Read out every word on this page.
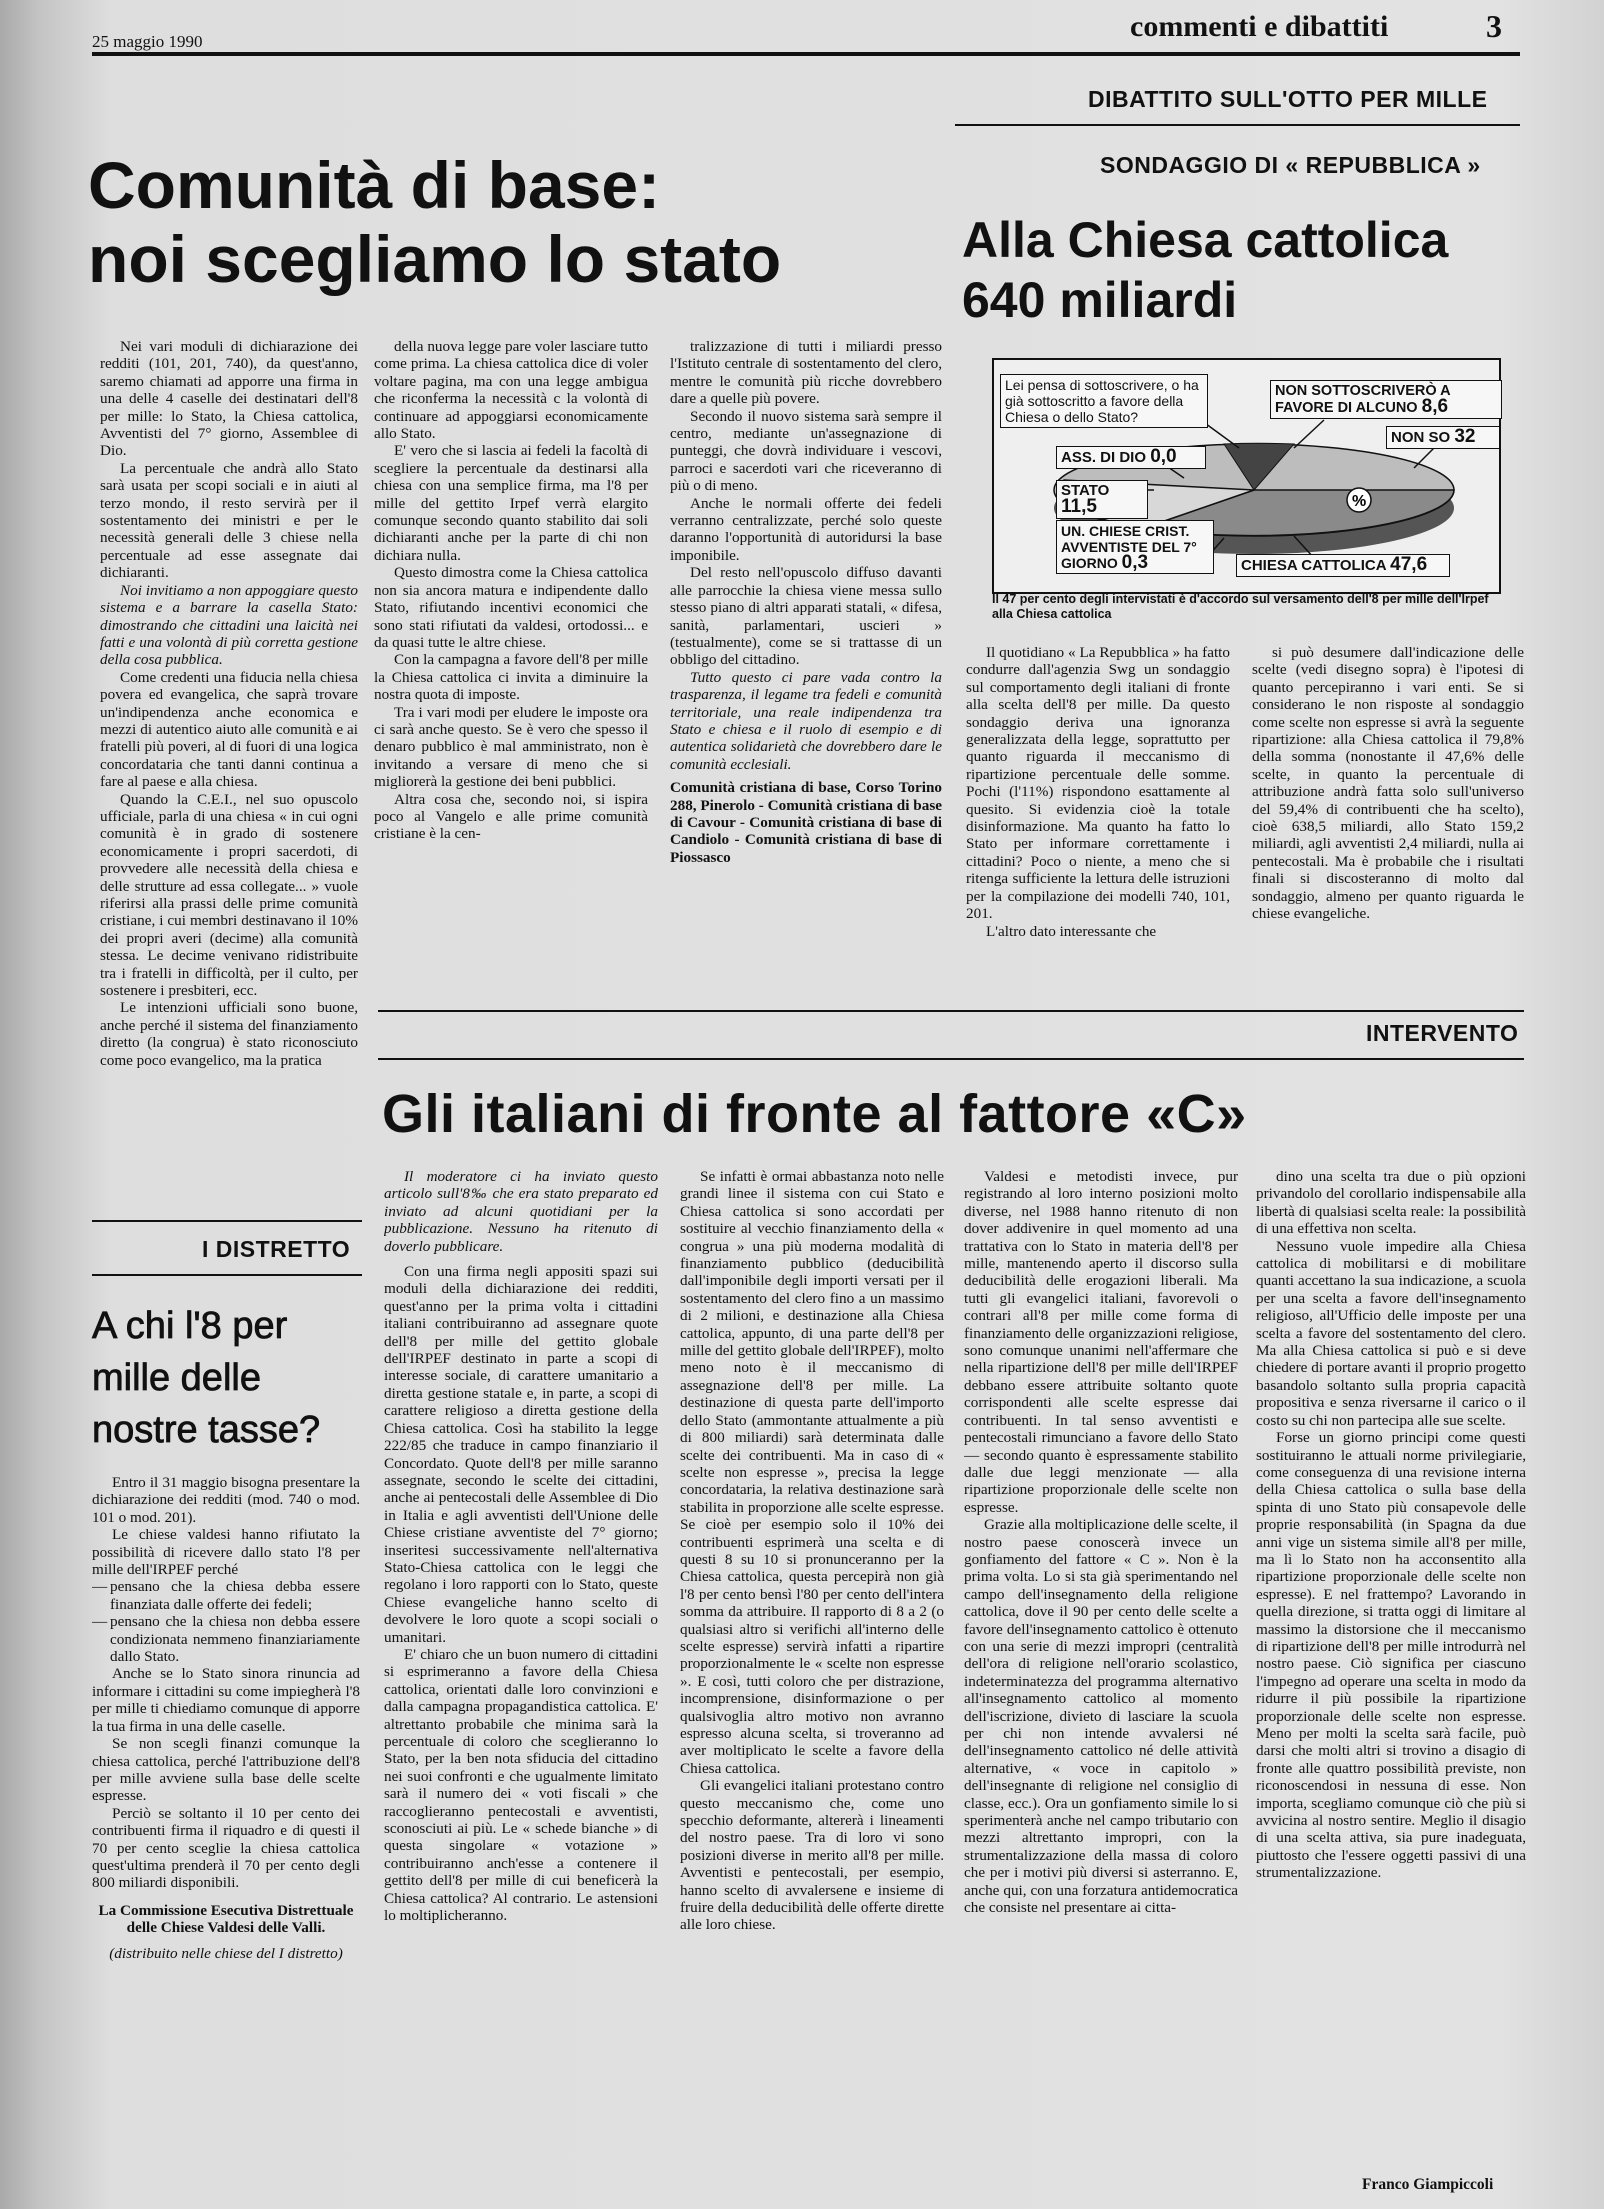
25 maggio 1990	commenti e dibattiti	3
DIBATTITO SULL'OTTO PER MILLE
Comunità di base:
noi scegliamo lo stato

Nei vari moduli di dichiarazione dei redditi (101, 201, 740), da quest'anno, saremo chiamati ad apporre una firma in una delle 4 caselle dei destinatari dell'8 per mille: lo Stato, la Chiesa cattolica, Avventisti del 7° giorno, Assemblee di Dio.

La percentuale che andrà allo Stato sarà usata per scopi sociali e in aiuti al terzo mondo, il resto servirà per il sostentamento dei ministri e per le necessità generali delle 3 chiese nella percentuale ad esse assegnate dai dichiaranti.

Noi invitiamo a non appoggiare questo sistema e a barrare la casella Stato: dimostrando che cittadini una laicità nei fatti e una volontà di più corretta gestione della cosa pubblica.

Come credenti una fiducia nella chiesa povera ed evangelica, che saprà trovare un'indipendenza anche economica e mezzi di autentico aiuto alle comunità e ai fratelli più poveri, al di fuori di una logica concordataria che tanti danni continua a fare al paese e alla chiesa.

Quando la C.E.I., nel suo opuscolo ufficiale, parla di una chiesa « in cui ogni comunità è in grado di sostenere economicamente i propri sacerdoti, di provvedere alle necessità della chiesa e delle strutture ad essa collegate... » vuole riferirsi alla prassi delle prime comunità cristiane, i cui membri destinavano il 10% dei propri averi (decime) alla comunità stessa. Le decime venivano ridistribuite tra i fratelli in difficoltà, per il culto, per sostenere i presbiteri, ecc.

Le intenzioni ufficiali sono buone, anche perché il sistema del finanziamento diretto (la congrua) è stato riconosciuto come poco evangelico, ma la pratica

della nuova legge pare voler lasciare tutto come prima. La chiesa cattolica dice di voler voltare pagina, ma con una legge ambigua che riconferma la necessità c la volontà di continuare ad appoggiarsi economicamente allo Stato.

E' vero che si lascia ai fedeli la facoltà di scegliere la percentuale da destinarsi alla chiesa con una semplice firma, ma l'8 per mille del gettito Irpef verrà elargito comunque secondo quanto stabilito dai soli dichiaranti anche per la parte di chi non dichiara nulla.

Questo dimostra come la Chiesa cattolica non sia ancora matura e indipendente dallo Stato, rifiutando incentivi economici che sono stati rifiutati da valdesi, ortodossi... e da quasi tutte le altre chiese.

Con la campagna a favore dell'8 per mille la Chiesa cattolica ci invita a diminuire la nostra quota di imposte.

Tra i vari modi per eludere le imposte ora ci sarà anche questo. Se è vero che spesso il denaro pubblico è mal amministrato, non è invitando a versare di meno che si migliorerà la gestione dei beni pubblici.

Altra cosa che, secondo noi, si ispira poco al Vangelo e alle prime comunità cristiane è la cen-

tralizzazione di tutti i miliardi presso l'Istituto centrale di sostentamento del clero, mentre le comunità più ricche dovrebbero dare a quelle più povere.

Secondo il nuovo sistema sarà sempre il centro, mediante un'assegnazione di punteggi, che dovrà individuare i vescovi, parroci e sacerdoti vari che riceveranno di più o di meno.

Anche le normali offerte dei fedeli verranno centralizzate, perché solo queste daranno l'opportunità di autoridursi la base imponibile.

Del resto nell'opuscolo diffuso davanti alle parrocchie la chiesa viene messa sullo stesso piano di altri apparati statali, « difesa, sanità, parlamentari, uscieri » (testualmente), come se si trattasse di un obbligo del cittadino.

Tutto questo ci pare vada contro la trasparenza, il legame tra fedeli e comunità territoriale, una reale indipendenza tra Stato e chiesa e il ruolo di esempio e di autentica solidarietà che dovrebbero dare le comunità ecclesiali.

Comunità cristiana di base, Corso Torino 288, Pinerolo - Comunità cristiana di base di Cavour - Comunità cristiana di base di Candiolo - Comunità cristiana di base di Piossasco

SONDAGGIO DI « REPUBBLICA »
Alla Chiesa cattolica
640 miliardi
%
Lei pensa di sottoscrivere, o ha già sottoscritto a favore della Chiesa o dello Stato?
NON SOTTOSCRIVERÒ A FAVORE DI ALCUNO 8,6
NON SO 32
ASS. DI DIO 0,0
STATO 11,5
UN. CHIESE CRIST. AVVENTISTE DEL 7° GIORNO 0,3	CHIESA CATTOLICA 47,6
Il 47 per cento degli intervistati è d'accordo sul versamento dell'8 per mille dell'Irpef alla Chiesa cattolica

Il quotidiano « La Repubblica » ha fatto condurre dall'agenzia Swg un sondaggio sul comportamento degli italiani di fronte alla scelta dell'8 per mille. Da questo sondaggio deriva una ignoranza generalizzata della legge, soprattutto per quanto riguarda il meccanismo di ripartizione percentuale delle somme. Pochi (l'11%) rispondono esattamente al quesito. Si evidenzia cioè la totale disinformazione. Ma quanto ha fatto lo Stato per informare correttamente i cittadini? Poco o niente, a meno che si ritenga sufficiente la lettura delle istruzioni per la compilazione dei modelli 740, 101, 201.

L'altro dato interessante che

si può desumere dall'indicazione delle scelte (vedi disegno sopra) è l'ipotesi di quanto percepiranno i vari enti. Se si considerano le non risposte al sondaggio come scelte non espresse si avrà la seguente ripartizione: alla Chiesa cattolica il 79,8% della somma (nonostante il 47,6% delle scelte, in quanto la percentuale di attribuzione andrà fatta solo sull'universo del 59,4% di contribuenti che ha scelto), cioè 638,5 miliardi, allo Stato 159,2 miliardi, agli avventisti 2,4 miliardi, nulla ai pentecostali. Ma è probabile che i risultati finali si discosteranno di molto dal sondaggio, almeno per quanto riguarda le chiese evangeliche.

I DISTRETTO
A chi l'8 per
mille delle
nostre tasse?

Entro il 31 maggio bisogna presentare la dichiarazione dei redditi (mod. 740 o mod. 101 o mod. 201).

Le chiese valdesi hanno rifiutato la possibilità di ricevere dallo stato l'8 per mille dell'IRPEF perché

— pensano che la chiesa debba essere finanziata dalle offerte dei fedeli;
— pensano che la chiesa non debba essere condizionata nemmeno finanziariamente dallo Stato.

Anche se lo Stato sinora rinuncia ad informare i cittadini su come impiegherà l'8 per mille ti chiediamo comunque di apporre la tua firma in una delle caselle.

Se non scegli finanzi comunque la chiesa cattolica, perché l'attribuzione dell'8 per mille avviene sulla base delle scelte espresse.

Perciò se soltanto il 10 per cento dei contribuenti firma il riquadro e di questi il 70 per cento sceglie la chiesa cattolica quest'ultima prenderà il 70 per cento degli 800 miliardi disponibili.

La Commissione Esecutiva Distrettuale delle Chiese Valdesi delle Valli.

(distribuito nelle chiese del I distretto)

INTERVENTO
Gli italiani di fronte al fattore «C»

Il moderatore ci ha inviato questo articolo sull'8‰ che era stato preparato ed inviato ad alcuni quotidiani per la pubblicazione. Nessuno ha ritenuto di doverlo pubblicare.

Con una firma negli appositi spazi sui moduli della dichiarazione dei redditi, quest'anno per la prima volta i cittadini italiani contribuiranno ad assegnare quote dell'8 per mille del gettito globale dell'IRPEF destinato in parte a scopi di interesse sociale, di carattere umanitario a diretta gestione statale e, in parte, a scopi di carattere religioso a diretta gestione della Chiesa cattolica. Così ha stabilito la legge 222/85 che traduce in campo finanziario il Concordato. Quote dell'8 per mille saranno assegnate, secondo le scelte dei cittadini, anche ai pentecostali delle Assemblee di Dio in Italia e agli avventisti dell'Unione delle Chiese cristiane avventiste del 7° giorno; inseritesi successivamente nell'alternativa Stato-Chiesa cattolica con le leggi che regolano i loro rapporti con lo Stato, queste Chiese evangeliche hanno scelto di devolvere le loro quote a scopi sociali o umanitari.

E' chiaro che un buon numero di cittadini si esprimeranno a favore della Chiesa cattolica, orientati dalle loro convinzioni e dalla campagna propagandistica cattolica. E' altrettanto probabile che minima sarà la percentuale di coloro che sceglieranno lo Stato, per la ben nota sfiducia del cittadino nei suoi confronti e che ugualmente limitato sarà il numero dei « voti fiscali » che raccoglieranno pentecostali e avventisti, sconosciuti ai più. Le « schede bianche » di questa singolare « votazione » contribuiranno anch'esse a contenere il gettito dell'8 per mille di cui beneficerà la Chiesa cattolica? Al contrario. Le astensioni lo moltiplicheranno.

Se infatti è ormai abbastanza noto nelle grandi linee il sistema con cui Stato e Chiesa cattolica si sono accordati per sostituire al vecchio finanziamento della « congrua » una più moderna modalità di finanziamento pubblico (deducibilità dall'imponibile degli importi versati per il sostentamento del clero fino a un massimo di 2 milioni, e destinazione alla Chiesa cattolica, appunto, di una parte dell'8 per mille del gettito globale dell'IRPEF), molto meno noto è il meccanismo di assegnazione dell'8 per mille. La destinazione di questa parte dell'importo dello Stato (ammontante attualmente a più di 800 miliardi) sarà determinata dalle scelte dei contribuenti. Ma in caso di « scelte non espresse », precisa la legge concordataria, la relativa destinazione sarà stabilita in proporzione alle scelte espresse. Se cioè per esempio solo il 10% dei contribuenti esprimerà una scelta e di questi 8 su 10 si pronunceranno per la Chiesa cattolica, questa percepirà non già l'8 per cento bensì l'80 per cento dell'intera somma da attribuire. Il rapporto di 8 a 2 (o qualsiasi altro si verifichi all'interno delle scelte espresse) servirà infatti a ripartire proporzionalmente le « scelte non espresse ». E così, tutti coloro che per distrazione, incomprensione, disinformazione o per qualsivoglia altro motivo non avranno espresso alcuna scelta, si troveranno ad aver moltiplicato le scelte a favore della Chiesa cattolica.

Gli evangelici italiani protestano contro questo meccanismo che, come uno specchio deformante, altererà i lineamenti del nostro paese. Tra di loro vi sono posizioni diverse in merito all'8 per mille. Avventisti e pentecostali, per esempio, hanno scelto di avvalersene e insieme di fruire della deducibilità delle offerte dirette alle loro chiese.

Valdesi e metodisti invece, pur registrando al loro interno posizioni molto diverse, nel 1988 hanno ritenuto di non dover addivenire in quel momento ad una trattativa con lo Stato in materia dell'8 per mille, mantenendo aperto il discorso sulla deducibilità delle erogazioni liberali. Ma tutti gli evangelici italiani, favorevoli o contrari all'8 per mille come forma di finanziamento delle organizzazioni religiose, sono comunque unanimi nell'affermare che nella ripartizione dell'8 per mille dell'IRPEF debbano essere attribuite soltanto quote corrispondenti alle scelte espresse dai contribuenti. In tal senso avventisti e pentecostali rimunciano a favore dello Stato — secondo quanto è espressamente stabilito dalle due leggi menzionate — alla ripartizione proporzionale delle scelte non espresse.

Grazie alla moltiplicazione delle scelte, il nostro paese conoscerà invece un gonfiamento del fattore « C ». Non è la prima volta. Lo si sta già sperimentando nel campo dell'insegnamento della religione cattolica, dove il 90 per cento delle scelte a favore dell'insegnamento cattolico è ottenuto con una serie di mezzi impropri (centralità dell'ora di religione nell'orario scolastico, indeterminatezza del programma alternativo all'insegnamento cattolico al momento dell'iscrizione, divieto di lasciare la scuola per chi non intende avvalersi né dell'insegnamento cattolico né delle attività alternative, « voce in capitolo » dell'insegnante di religione nel consiglio di classe, ecc.). Ora un gonfiamento simile lo si sperimenterà anche nel campo tributario con mezzi altrettanto impropri, con la strumentalizzazione della massa di coloro che per i motivi più diversi si asterranno. E, anche qui, con una forzatura antidemocratica che consiste nel presentare ai citta-

dino una scelta tra due o più opzioni privandolo del corollario indispensabile alla libertà di qualsiasi scelta reale: la possibilità di una effettiva non scelta.

Nessuno vuole impedire alla Chiesa cattolica di mobilitarsi e di mobilitare quanti accettano la sua indicazione, a scuola per una scelta a favore dell'insegnamento religioso, all'Ufficio delle imposte per una scelta a favore del sostentamento del clero. Ma alla Chiesa cattolica si può e si deve chiedere di portare avanti il proprio progetto basandolo soltanto sulla propria capacità propositiva e senza riversarne il carico o il costo su chi non partecipa alle sue scelte.

Forse un giorno principi come questi sostituiranno le attuali norme privilegiarie, come conseguenza di una revisione interna della Chiesa cattolica o sulla base della spinta di uno Stato più consapevole delle proprie responsabilità (in Spagna da due anni vige un sistema simile all'8 per mille, ma lì lo Stato non ha acconsentito alla ripartizione proporzionale delle scelte non espresse). E nel frattempo? Lavorando in quella direzione, si tratta oggi di limitare al massimo la distorsione che il meccanismo di ripartizione dell'8 per mille introdurrà nel nostro paese. Ciò significa per ciascuno l'impegno ad operare una scelta in modo da ridurre il più possibile la ripartizione proporzionale delle scelte non espresse. Meno per molti la scelta sarà facile, può darsi che molti altri si trovino a disagio di fronte alle quattro possibilità previste, non riconoscendosi in nessuna di esse. Non importa, scegliamo comunque ciò che più si avvicina al nostro sentire. Meglio il disagio di una scelta attiva, sia pure inadeguata, piuttosto che l'essere oggetti passivi di una strumentalizzazione.

Franco Giampiccoli
